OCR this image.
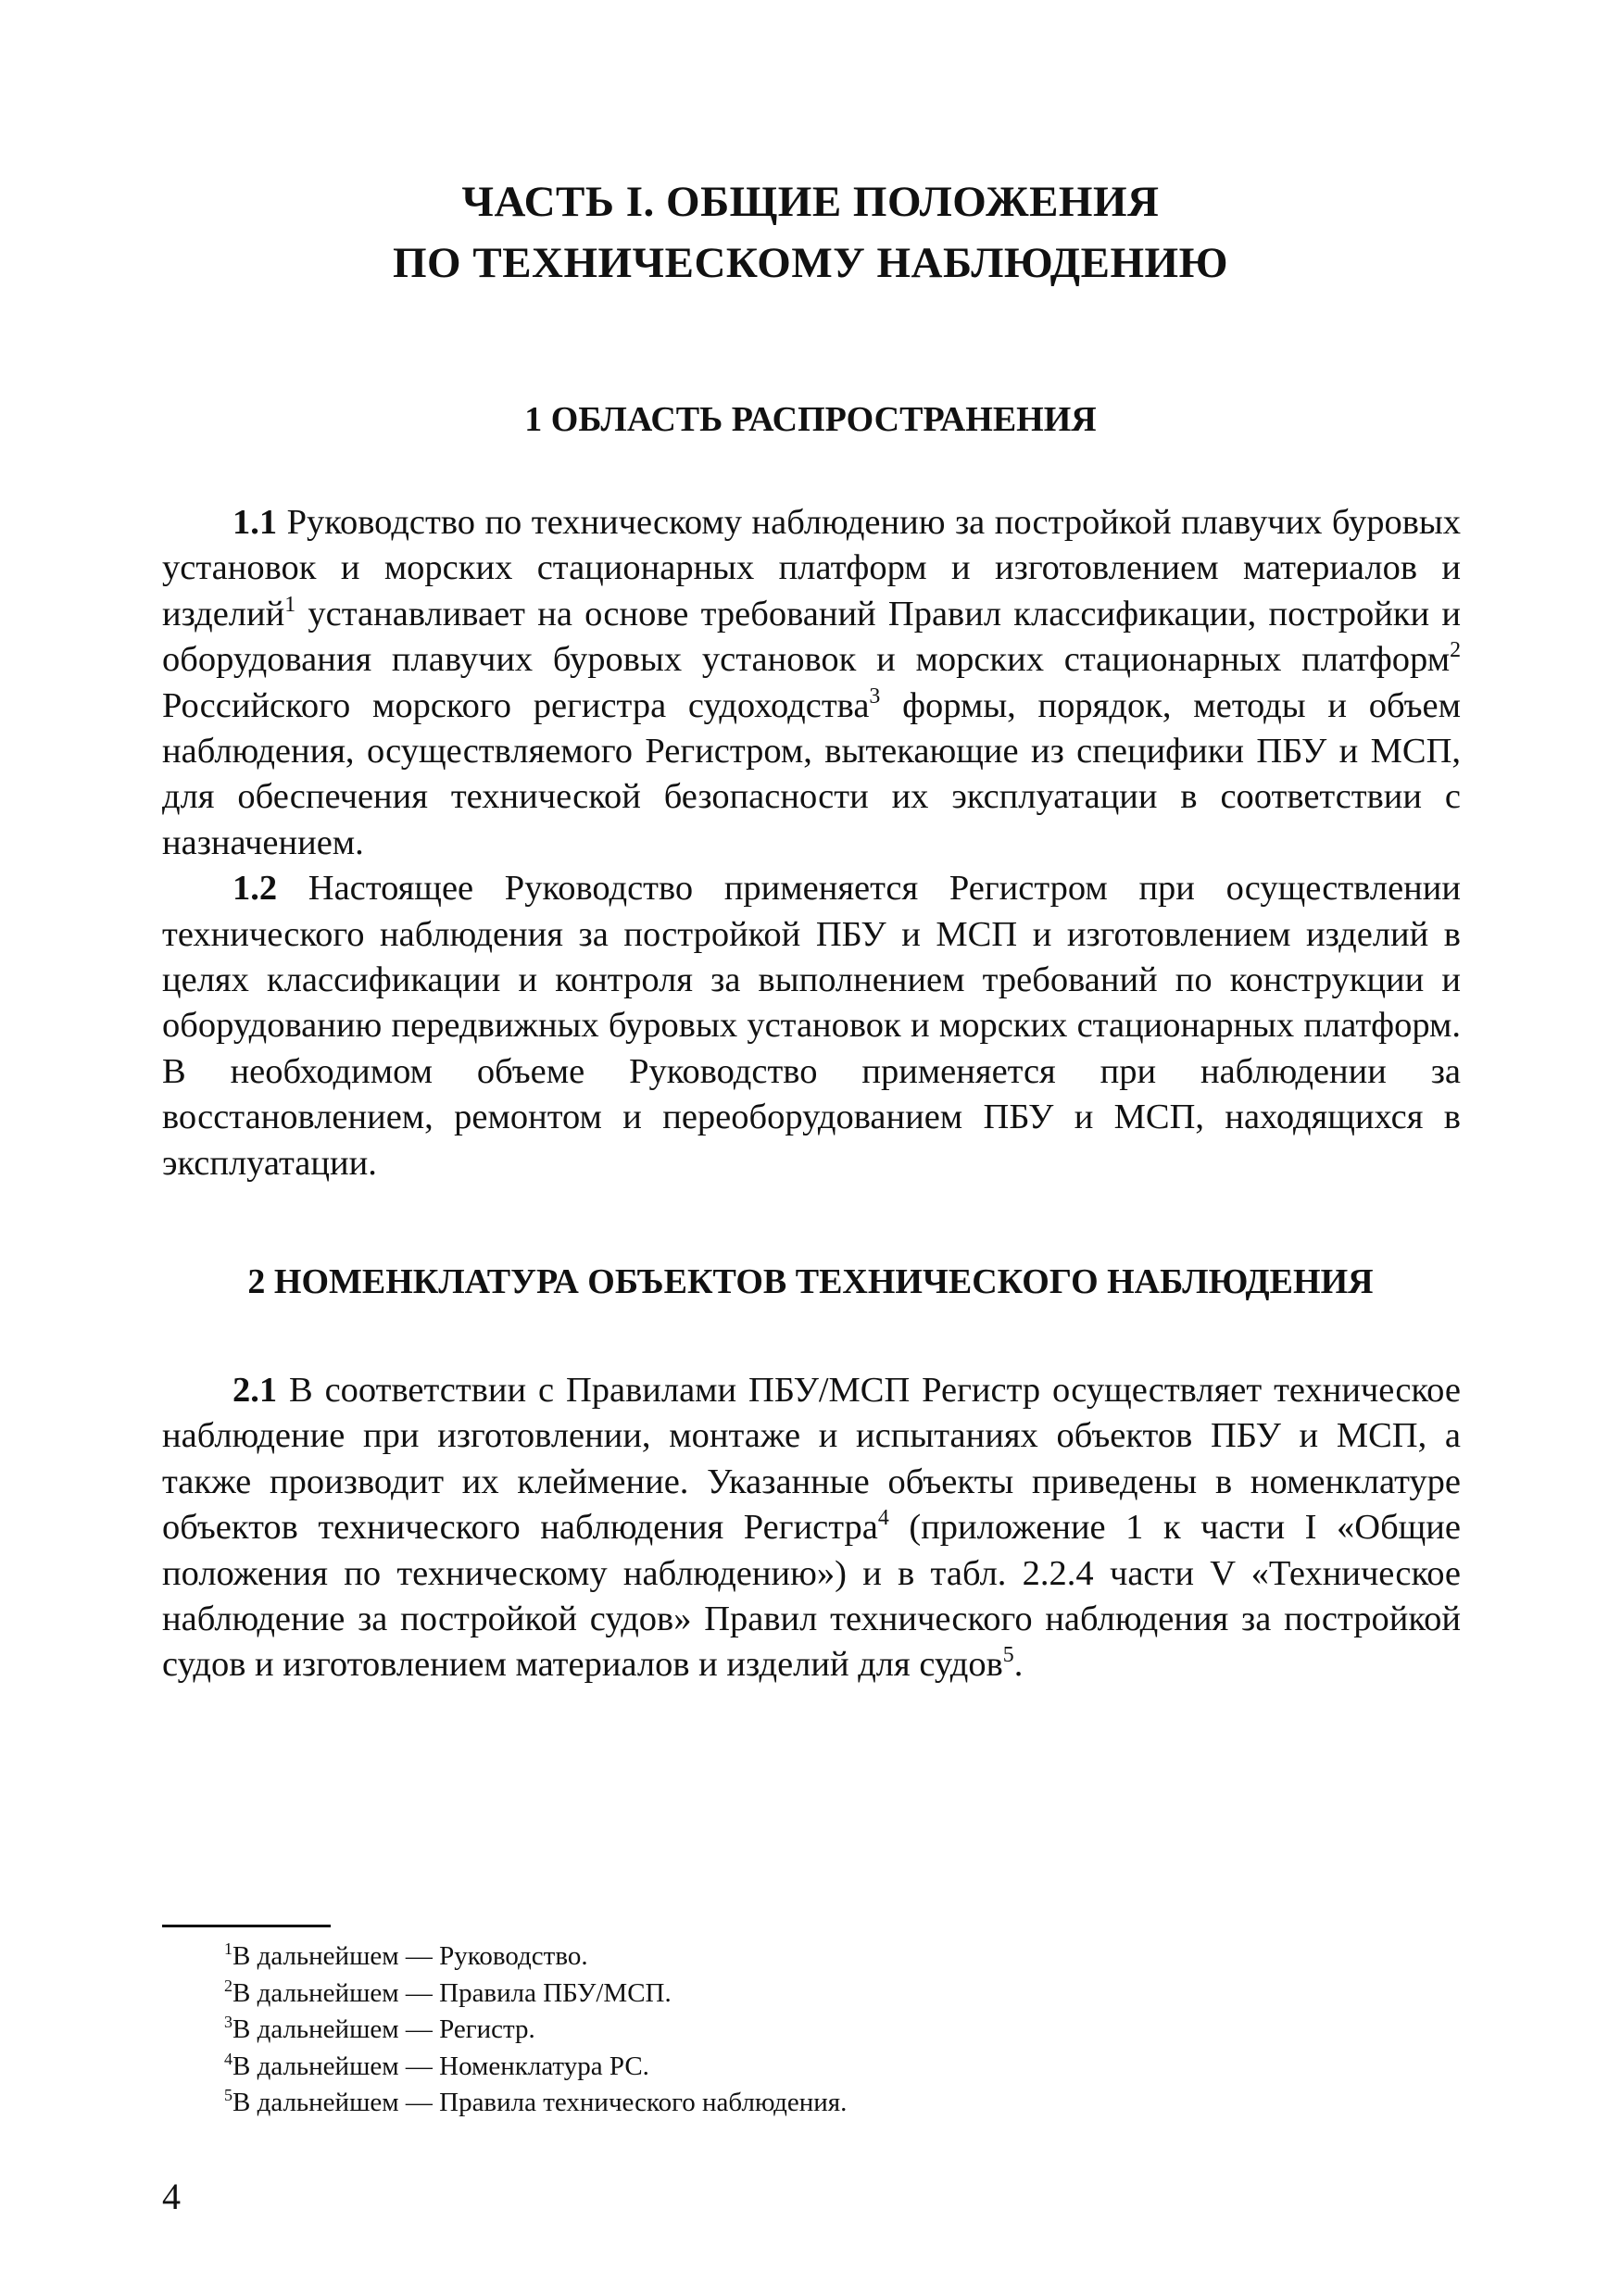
ЧАСТЬ I. ОБЩИЕ ПОЛОЖЕНИЯ
ПО ТЕХНИЧЕСКОМУ НАБЛЮДЕНИЮ
1 ОБЛАСТЬ РАСПРОСТРАНЕНИЯ

1.1 Руководство по техническому наблюдению за постройкой плавучих буровых установок и морских стационарных платформ и изготовлением материалов и изделий$^1$ устанавливает на основе требований Правил классификации, постройки и оборудования плавучих буровых установок и морских стационарных платформ$^2$ Российского морского регистра судоходства$^3$ формы, порядок, методы и объем наблюдения, осуществляемого Регистром, вытекающие из специфики ПБУ и МСП, для обеспечения технической безопасности их эксплуатации в соответствии с назначением.

1.2 Настоящее Руководство применяется Регистром при осуществлении технического наблюдения за постройкой ПБУ и МСП и изготовлением изделий в целях классификации и контроля за выполнением требований по конструкции и оборудованию передвижных буровых установок и морских стационарных платформ. В необходимом объеме Руководство применяется при наблюдении за восстановлением, ремонтом и переоборудованием ПБУ и МСП, находящихся в эксплуатации.

2 НОМЕНКЛАТУРА ОБЪЕКТОВ ТЕХНИЧЕСКОГО НАБЛЮДЕНИЯ

2.1 В соответствии с Правилами ПБУ/МСП Регистр осуществляет техническое наблюдение при изготовлении, монтаже и испытаниях объектов ПБУ и МСП, а также производит их клеймение. Указанные объекты приведены в номенклатуре объектов технического наблюдения Регистра$^4$ (приложение 1 к части I «Общие положения по техническому наблюдению») и в табл. 2.2.4 части V «Техническое наблюдение за постройкой судов» Правил технического наблюдения за постройкой судов и изготовлением материалов и изделий для судов$^5$.

$^1$В дальнейшем — Руководство.
$^2$В дальнейшем — Правила ПБУ/МСП.
$^3$В дальнейшем — Регистр.
$^4$В дальнейшем — Номенклатура РС.
$^5$В дальнейшем — Правила технического наблюдения.
4
